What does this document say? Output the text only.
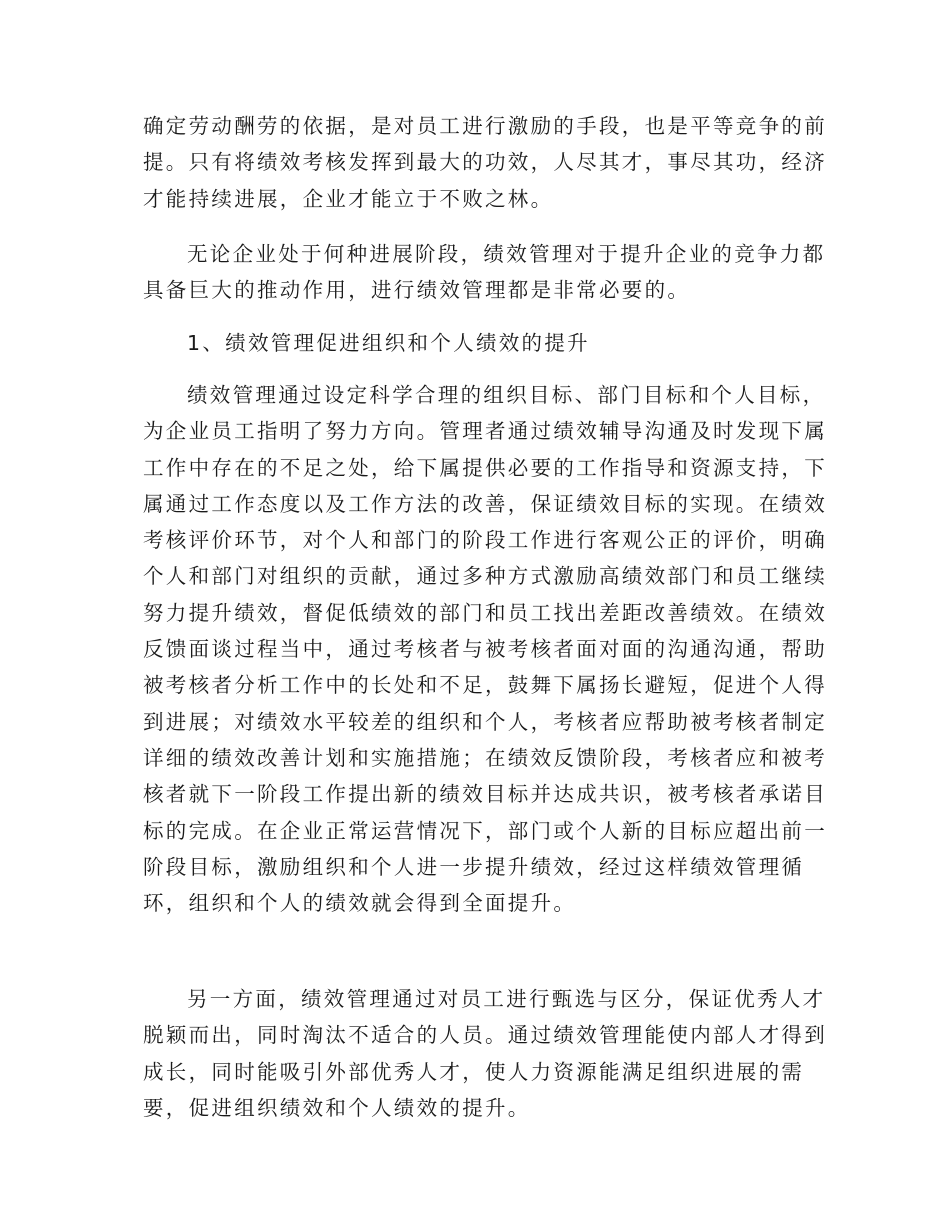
确定劳动酬劳的依据，是对员工进行激励的手段，也是平等竞争的前
提。只有将绩效考核发挥到最大的功效，人尽其才，事尽其功，经济
才能持续进展，企业才能立于不败之林。
无论企业处于何种进展阶段，绩效管理对于提升企业的竞争力都
具备巨大的推动作用，进行绩效管理都是非常必要的。
1、绩效管理促进组织和个人绩效的提升
绩效管理通过设定科学合理的组织目标、部门目标和个人目标，
为企业员工指明了努力方向。管理者通过绩效辅导沟通及时发现下属
工作中存在的不足之处，给下属提供必要的工作指导和资源支持，下
属通过工作态度以及工作方法的改善，保证绩效目标的实现。在绩效
考核评价环节，对个人和部门的阶段工作进行客观公正的评价，明确
个人和部门对组织的贡献，通过多种方式激励高绩效部门和员工继续
努力提升绩效，督促低绩效的部门和员工找出差距改善绩效。在绩效
反馈面谈过程当中，通过考核者与被考核者面对面的沟通沟通，帮助
被考核者分析工作中的长处和不足，鼓舞下属扬长避短，促进个人得
到进展；对绩效水平较差的组织和个人，考核者应帮助被考核者制定
详细的绩效改善计划和实施措施；在绩效反馈阶段，考核者应和被考
核者就下一阶段工作提出新的绩效目标并达成共识，被考核者承诺目
标的完成。在企业正常运营情况下，部门或个人新的目标应超出前一
阶段目标，激励组织和个人进一步提升绩效，经过这样绩效管理循
环，组织和个人的绩效就会得到全面提升。
另一方面，绩效管理通过对员工进行甄选与区分，保证优秀人才
脱颖而出，同时淘汰不适合的人员。通过绩效管理能使内部人才得到
成长，同时能吸引外部优秀人才，使人力资源能满足组织进展的需
要，促进组织绩效和个人绩效的提升。
